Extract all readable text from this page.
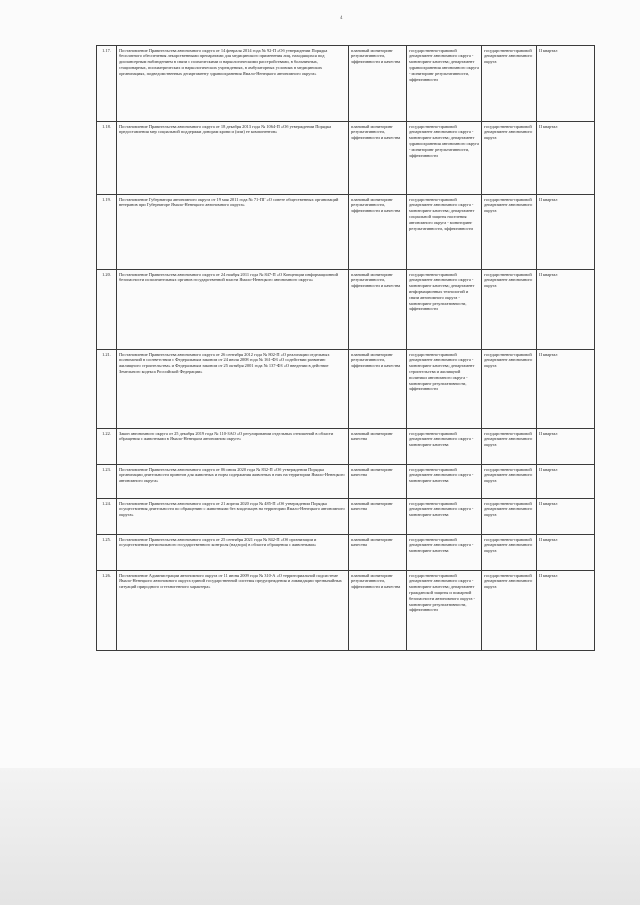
4
1.17.	Постановление Правительства автономного округа от 14 февраля 2014 года № 92-П «Об утверждении Порядка бесплатного обеспечения лекарственными препаратами для медицинского применения лиц, находящихся под диспансерным наблюдением в связи с психическими и наркологическими расстройствами, в больничных, стационарных, психиатрических и наркологических учреждениях, в амбулаторных условиях в медицинских организациях, подведомственных департаменту здравоохранения Ямало-Ненецкого автономного округа»	плановый мониторинг результативности, эффективности и качества	государственно-правовой департамент автономного округа - мониторинг качества; департамент здравоохранения автономного округа - мониторинг результативности, эффективности	государственно-правовой департамент автономного округа	II квартал
1.18.	Постановление Правительства автономного округа от 18 декабря 2013 года № 1064-П «Об утверждении Порядка предоставления мер социальной поддержки донорам крови и (или) ее компонентов»	плановый мониторинг результативности, эффективности и качества	государственно-правовой департамент автономного округа - мониторинг качества; департамент здравоохранения автономного округа - мониторинг результативности, эффективности	государственно-правовой департамент автономного округа	II квартал
1.19.	Постановление Губернатора автономного округа от 19 мая 2011 года № 71-ПГ «О совете общественных организаций ветеранов при Губернаторе Ямало-Ненецкого автономного округа»	плановый мониторинг результативности, эффективности и качества	государственно-правовой департамент автономного округа - мониторинг качества; департамент социальной защиты населения автономного округа - мониторинг результативности, эффективности	государственно-правовой департамент автономного округа	II квартал
1.20.	Постановление Правительства автономного округа от 24 ноября 2011 года № 847-П «О Концепции информационной безопасности исполнительных органов государственной власти Ямало-Ненецкого автономного округа»	плановый мониторинг результативности, эффективности и качества	государственно-правовой департамент автономного округа - мониторинг качества; департамент информационных технологий и связи автономного округа - мониторинг результативности, эффективности	государственно-правовой департамент автономного округа	II квартал
1.21.	Постановление Правительства автономного округа от 26 сентября 2012 года № 802-П «О реализации отдельных полномочий в соответствии с Федеральным законом от 24 июля 2008 года № 161-ФЗ «О содействии развитию жилищного строительства» и Федеральным законом от 25 октября 2001 года № 137-ФЗ «О введении в действие Земельного кодекса Российской Федерации»	плановый мониторинг результативности, эффективности и качества	государственно-правовой департамент автономного округа - мониторинг качества; департамент строительства и жилищной политики автономного округа - мониторинг результативности, эффективности	государственно-правовой департамент автономного округа	II квартал
1.22.	Закон автономного округа от 25 декабря 2019 года № 110-ЗАО «О регулировании отдельных отношений в области обращения с животными в Ямало-Ненецком автономном округе»	плановый мониторинг качества	государственно-правовой департамент автономного округа - мониторинг качества	государственно-правовой департамент автономного округа	II квартал
1.23.	Постановление Правительства автономного округа от 06 июля 2020 года № 832-П «Об утверждении Порядка организации деятельности приютов для животных и норм содержания животных в них на территории Ямало-Ненецкого автономного округа»	плановый мониторинг качества	государственно-правовой департамент автономного округа - мониторинг качества	государственно-правовой департамент автономного округа	II квартал
1.24.	Постановление Правительства автономного округа от 21 апреля 2020 года № 485-П «Об утверждении Порядка осуществления деятельности по обращению с животными без владельцев на территории Ямало-Ненецкого автономного округа»	плановый мониторинг качества	государственно-правовой департамент автономного округа - мониторинг качества	государственно-правовой департамент автономного округа	II квартал
1.25.	Постановление Правительства автономного округа от 25 сентября 2021 года № 842-П «Об организации и осуществлении регионального государственного контроля (надзора) в области обращения с животными»	плановый мониторинг качества	государственно-правовой департамент автономного округа - мониторинг качества	государственно-правовой департамент автономного округа	II квартал
1.26.	Постановление Администрации автономного округа от 11 июня 2009 года № 310-А «О территориальной подсистеме Ямало-Ненецкого автономного округа единой государственной системы предупреждения и ликвидации чрезвычайных ситуаций природного и техногенного характера»	плановый мониторинг результативности, эффективности и качества	государственно-правовой департамент автономного округа - мониторинг качества; департамент гражданской защиты и пожарной безопасности автономного округа - мониторинг результативности, эффективности	государственно-правовой департамент автономного округа	II квартал
